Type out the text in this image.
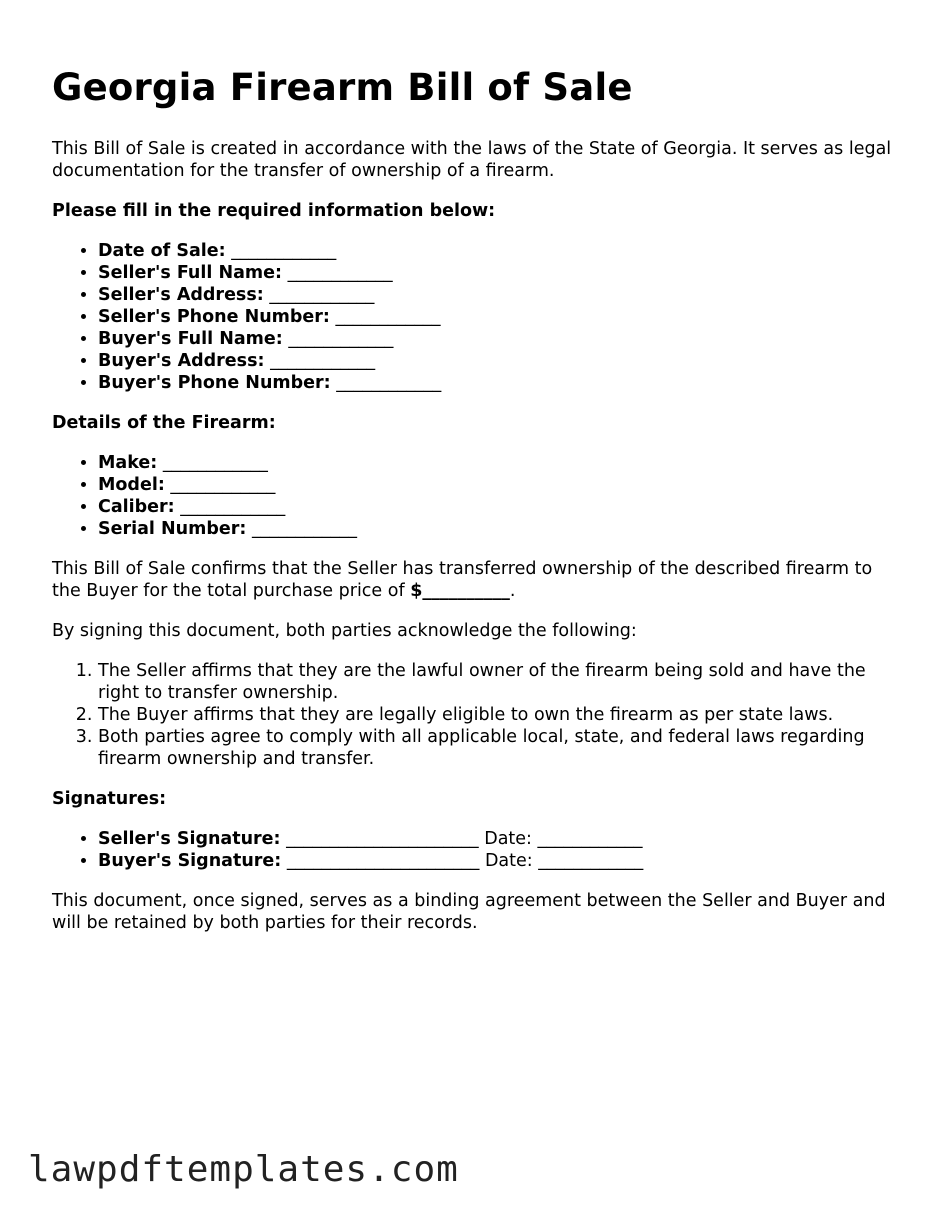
Georgia Firearm Bill of Sale

This Bill of Sale is created in accordance with the laws of the State of Georgia. It serves as legal documentation for the transfer of ownership of a firearm.

Please fill in the required information below:

• Date of Sale: ____________
• Seller's Full Name: ____________
• Seller's Address: ____________
• Seller's Phone Number: ____________
• Buyer's Full Name: ____________
• Buyer's Address: ____________
• Buyer's Phone Number: ____________

Details of the Firearm:

• Make: ____________
• Model: ____________
• Caliber: ____________
• Serial Number: ____________

This Bill of Sale confirms that the Seller has transferred ownership of the described firearm to the Buyer for the total purchase price of $__________.

By signing this document, both parties acknowledge the following:

1. The Seller affirms that they are the lawful owner of the firearm being sold and have the right to transfer ownership.
2. The Buyer affirms that they are legally eligible to own the firearm as per state laws.
3. Both parties agree to comply with all applicable local, state, and federal laws regarding firearm ownership and transfer.

Signatures:

• Seller's Signature: ______________________ Date: ____________
• Buyer's Signature: ______________________ Date: ____________

This document, once signed, serves as a binding agreement between the Seller and Buyer and will be retained by both parties for their records.

lawpdftemplates.com
